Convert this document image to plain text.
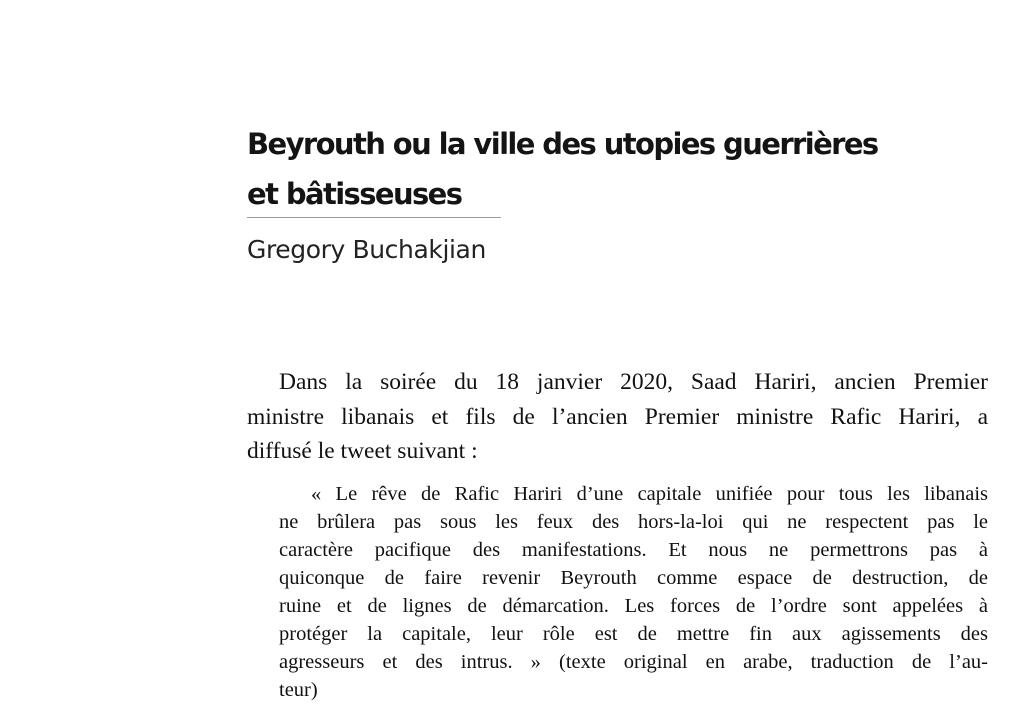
Beyrouth ou la ville des utopies guerrières
et bâtisseuses

Gregory Buchakjian

Dans la soirée du 18 janvier 2020, Saad Hariri, ancien Premier
ministre libanais et fils de l’ancien Premier ministre Rafic Hariri, a
diffusé le tweet suivant :

« Le rêve de Rafic Hariri d’une capitale unifiée pour tous les libanais
ne brûlera pas sous les feux des hors-la-loi qui ne respectent pas le
caractère pacifique des manifestations. Et nous ne permettrons pas à
quiconque de faire revenir Beyrouth comme espace de destruction, de
ruine et de lignes de démarcation. Les forces de l’ordre sont appelées à
protéger la capitale, leur rôle est de mettre fin aux agissements des
agresseurs et des intrus. » (texte original en arabe, traduction de l’au-
teur)
